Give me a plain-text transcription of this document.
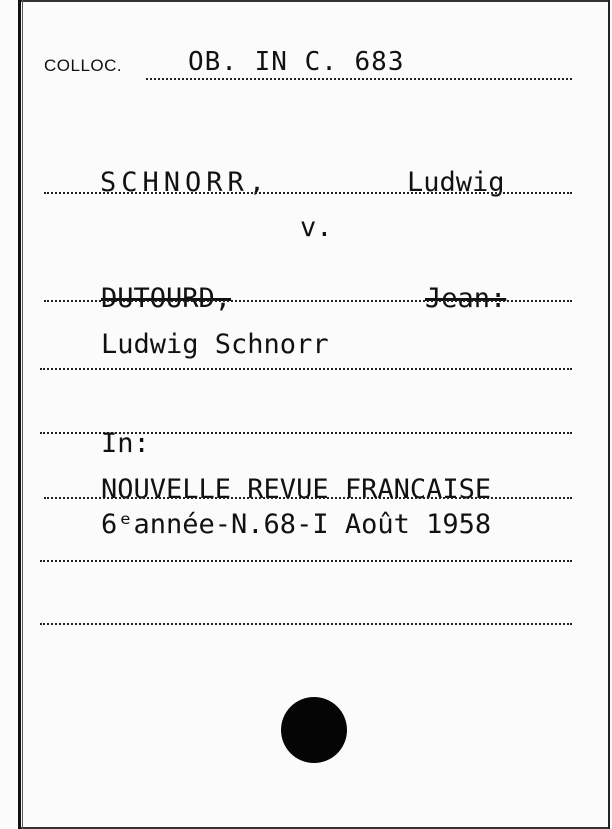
COLLOC.	OB. IN C. 683
SCHNORR,	Ludwig
v.
DUTOURD,	Jean:
Ludwig Schnorr
In:
NOUVELLE REVUE FRANCAISE
6ᵉannée-N.68-I Août 1958
